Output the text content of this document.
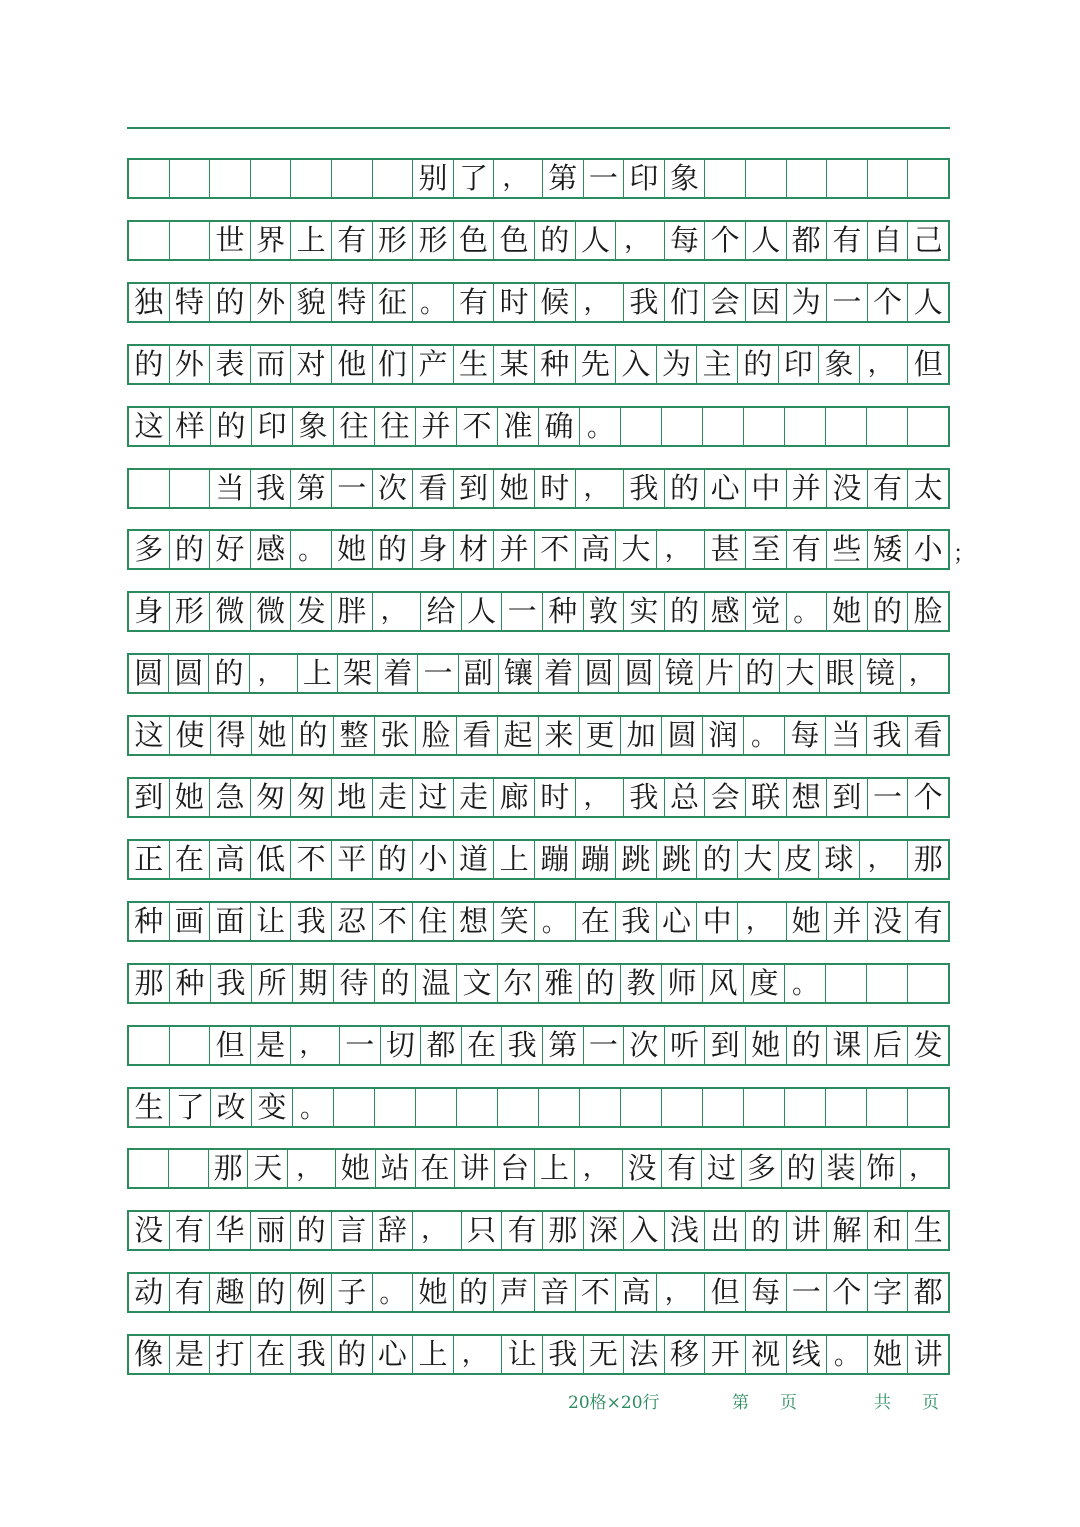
别 了 ， 第 一 印 象
世 界 上 有 形 形 色 色 的 人 ， 每 个 人 都 有 自 己
独 特 的 外 貌 特 征 。 有 时 候 ， 我 们 会 因 为 一 个 人
的 外 表 而 对 他 们 产 生 某 种 先 入 为 主 的 印 象 ， 但
这 样 的 印 象 往 往 并 不 准 确 。
当 我 第 一 次 看 到 她 时 ， 我 的 心 中 并 没 有 太
多 的 好 感 。 她 的 身 材 并 不 高 大 ， 甚 至 有 些 矮 小
身 形 微 微 发 胖 ， 给 人 一 种 敦 实 的 感 觉 。 她 的 脸
圆 圆 的 ， 上 架 着 一 副 镶 着 圆 圆 镜 片 的 大 眼 镜 ，
这 使 得 她 的 整 张 脸 看 起 来 更 加 圆 润 。 每 当 我 看
到 她 急 匆 匆 地 走 过 走 廊 时 ， 我 总 会 联 想 到 一 个
正 在 高 低 不 平 的 小 道 上 蹦 蹦 跳 跳 的 大 皮 球 ， 那
种 画 面 让 我 忍 不 住 想 笑 。 在 我 心 中 ， 她 并 没 有
那 种 我 所 期 待 的 温 文 尔 雅 的 教 师 风 度 。
但 是 ， 一 切 都 在 我 第 一 次 听 到 她 的 课 后 发
生 了 改 变 。
那 天 ， 她 站 在 讲 台 上 ， 没 有 过 多 的 装 饰 ，
没 有 华 丽 的 言 辞 ， 只 有 那 深 入 浅 出 的 讲 解 和 生
动 有 趣 的 例 子 。 她 的 声 音 不 高 ， 但 每 一 个 字 都
像 是 打 在 我 的 心 上 ， 让 我 无 法 移 开 视 线 。 她 讲
；
20格×20行	第 页	共 页
